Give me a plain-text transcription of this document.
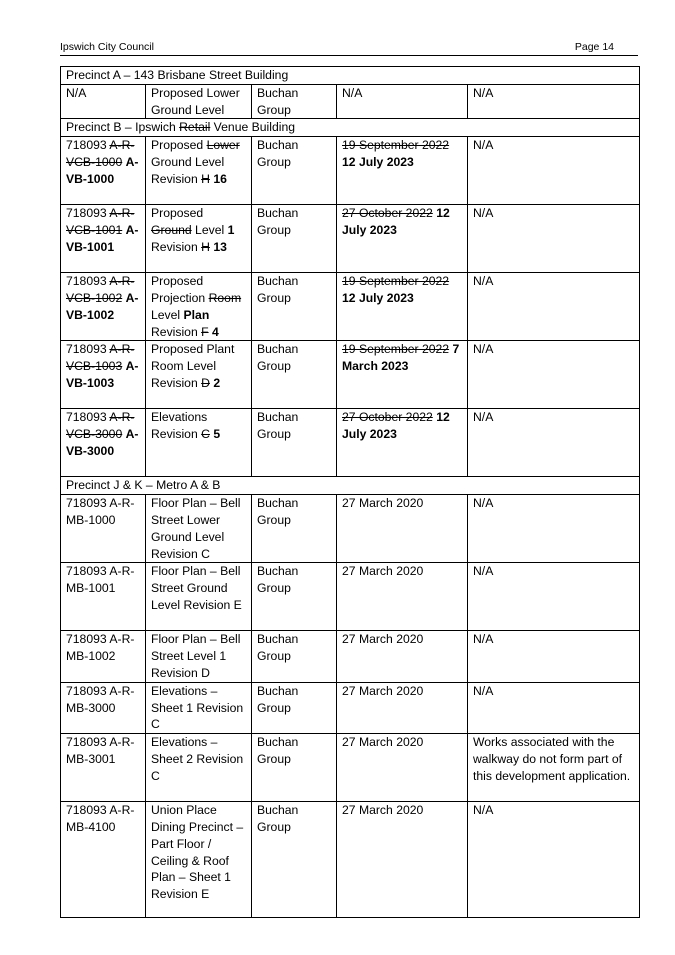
Ipswich City Council	Page 14
Precinct A – 143 Brisbane Street Building				
N/A	Proposed Lower Ground Level	Buchan Group	N/A	N/A
Precinct B – Ipswich Retail Venue Building				
718093 A-R-VCB-1000 A-VB-1000	Proposed Lower Ground Level Revision H 16	Buchan Group	19 September 2022 12 July 2023	N/A
718093 A-R-VCB-1001 A-VB-1001	Proposed Ground Level 1 Revision H 13	Buchan Group	27 October 2022 12 July 2023	N/A
718093 A-R-VCB-1002 A-VB-1002	Proposed Projection Room Level Plan Revision F 4	Buchan Group	19 September 2022 12 July 2023	N/A
718093 A-R-VCB-1003 A-VB-1003	Proposed Plant Room Level Revision D 2	Buchan Group	19 September 2022 7 March 2023	N/A
718093 A-R-VCB-3000 A-VB-3000	Elevations Revision C 5	Buchan Group	27 October 2022 12 July 2023	N/A
Precinct J & K – Metro A & B				
718093 A-R-MB-1000	Floor Plan – Bell Street Lower Ground Level Revision C	Buchan Group	27 March 2020	N/A
718093 A-R-MB-1001	Floor Plan – Bell Street Ground Level Revision E	Buchan Group	27 March 2020	N/A
718093 A-R-MB-1002	Floor Plan – Bell Street Level 1 Revision D	Buchan Group	27 March 2020	N/A
718093 A-R-MB-3000	Elevations – Sheet 1 Revision C	Buchan Group	27 March 2020	N/A
718093 A-R-MB-3001	Elevations – Sheet 2 Revision C	Buchan Group	27 March 2020	Works associated with the walkway do not form part of this development application.
718093 A-R-MB-4100	Union Place Dining Precinct – Part Floor / Ceiling & Roof Plan – Sheet 1 Revision E	Buchan Group	27 March 2020	N/A
